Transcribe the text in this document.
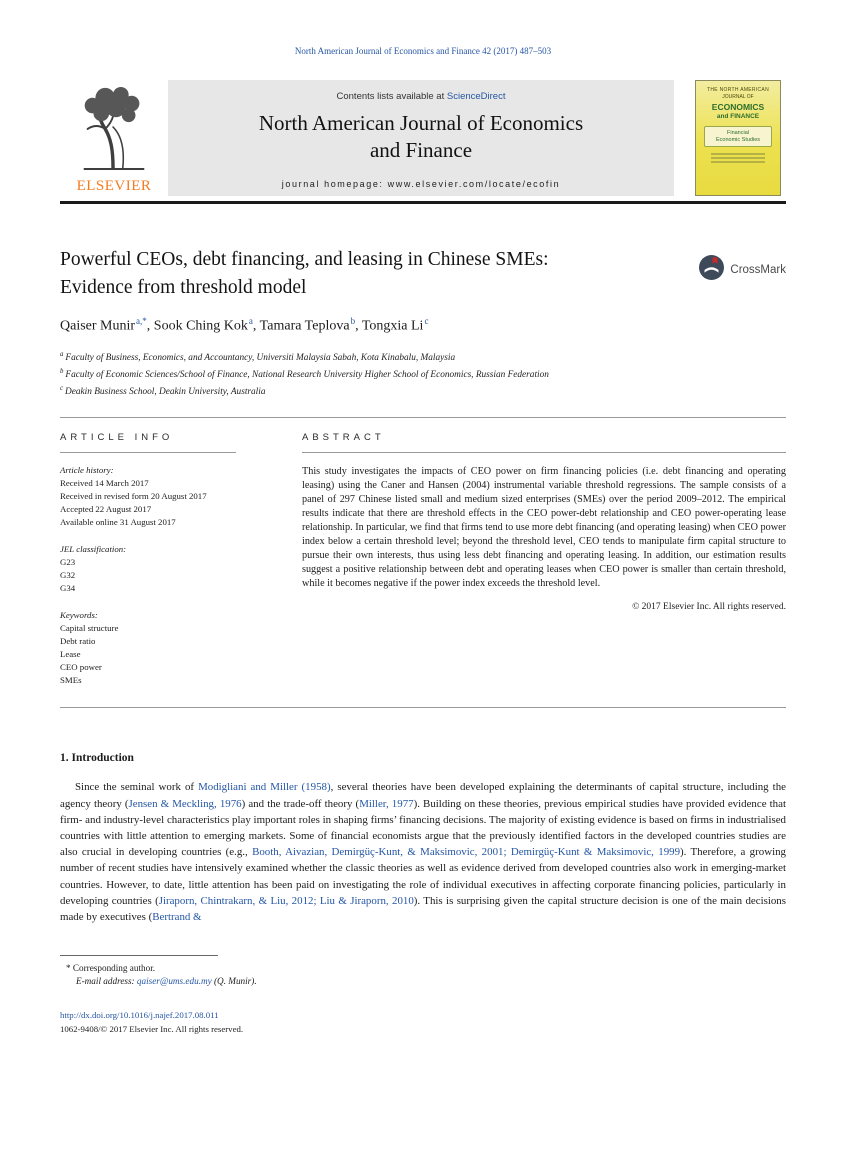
North American Journal of Economics and Finance 42 (2017) 487–503
ELSEVIER
Contents lists available at ScienceDirect
North American Journal of Economics
and Finance
journal homepage: www.elsevier.com/locate/ecofin
THE NORTH AMERICAN
JOURNAL OF
ECONOMICS
and FINANCE
Financial
Economic Studies
Powerful CEOs, debt financing, and leasing in Chinese SMEs:
Evidence from threshold model
CrossMark
Qaiser Munir$^{a,*}$, Sook Ching Kok$^a$, Tamara Teplova$^b$, Tongxia Li$^c$
$^a$ Faculty of Business, Economics, and Accountancy, Universiti Malaysia Sabah, Kota Kinabalu, Malaysia
$^b$ Faculty of Economic Sciences/School of Finance, National Research University Higher School of Economics, Russian Federation
$^c$ Deakin Business School, Deakin University, Australia
ARTICLE INFO
Article history:
Received 14 March 2017
Received in revised form 20 August 2017
Accepted 22 August 2017
Available online 31 August 2017
JEL classification:
G23
G32
G34
Keywords:
Capital structure
Debt ratio
Lease
CEO power
SMEs
ABSTRACT
This study investigates the impacts of CEO power on firm financing policies (i.e. debt financing and operating leasing) using the Caner and Hansen (2004) instrumental variable threshold regressions. The sample consists of a panel of 297 Chinese listed small and medium sized enterprises (SMEs) over the period 2009–2012. The empirical results indicate that there are threshold effects in the CEO power-debt relationship and CEO power-operating lease relationship. In particular, we find that firms tend to use more debt financing (and operating leasing) when CEO power index below a certain threshold level; beyond the threshold level, CEO tends to manipulate firm capital structure to pursue their own interests, thus using less debt financing and operating leasing. In addition, our estimation results suggest a positive relationship between debt and operating leases when CEO power is smaller than certain threshold, while it becomes negative if the power index exceeds the threshold level.
© 2017 Elsevier Inc. All rights reserved.
1. Introduction

Since the seminal work of Modigliani and Miller (1958), several theories have been developed explaining the determinants of capital structure, including the agency theory (Jensen & Meckling, 1976) and the trade-off theory (Miller, 1977). Building on these theories, previous empirical studies have provided evidence that firm- and industry-level characteristics play important roles in shaping firms’ financing decisions. The majority of existing evidence is based on firms in industrialised countries with little attention to emerging markets. Some of financial economists argue that the previously identified factors in the developed countries studies are also crucial in developing countries (e.g., Booth, Aivazian, Demirgüç-Kunt, & Maksimovic, 2001; Demirgüç-Kunt & Maksimovic, 1999). Therefore, a growing number of recent studies have intensively examined whether the classic theories as well as evidence derived from developed countries also work in emerging-market countries. However, to date, little attention has been paid on investigating the role of individual executives in affecting corporate financing policies, particularly in developing countries (Jiraporn, Chintrakarn, & Liu, 2012; Liu & Jiraporn, 2010). This is surprising given the capital structure decision is one of the main decisions made by executives (Bertrand &

* Corresponding author.
E-mail address: qaiser@ums.edu.my (Q. Munir).
http://dx.doi.org/10.1016/j.najef.2017.08.011
1062-9408/© 2017 Elsevier Inc. All rights reserved.
